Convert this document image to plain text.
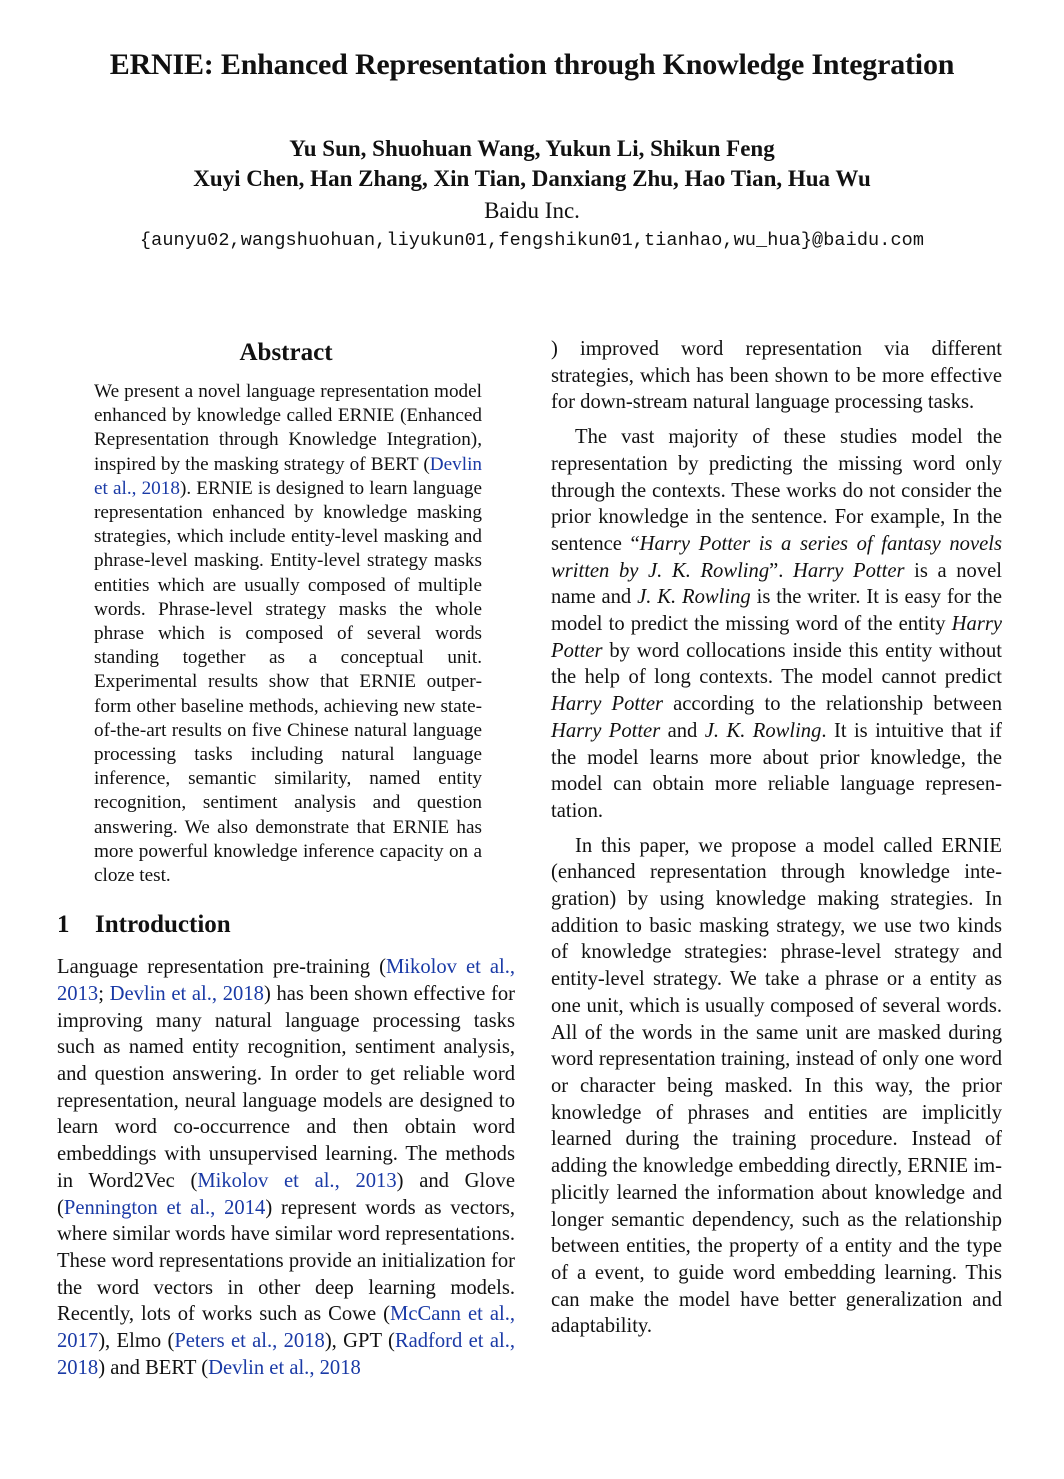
ERNIE: Enhanced Representation through Knowledge Integration
Yu Sun, Shuohuan Wang, Yukun Li, Shikun Feng
Xuyi Chen, Han Zhang, Xin Tian, Danxiang Zhu, Hao Tian, Hua Wu
Baidu Inc.
{aunyu02,wangshuohuan,liyukun01,fengshikun01,tianhao,wu_hua}@baidu.com
Abstract
We present a novel language representation model enhanced by knowledge called ERNIE (Enhanced Representation through Knowledge Integration), inspired by the masking strategy of BERT (Devlin et al., 2018). ERNIE is designed to learn language representation enhanced by knowledge masking strategies, which include entity-level masking and phrase-level masking. Entity-level strategy masks entities which are usually composed of multiple words. Phrase-level strategy masks the whole phrase which is composed of several words standing together as a conceptual unit. Experimental results show that ERNIE outperform other baseline methods, achieving new state-of-the-art results on five Chinese natural language processing tasks including natural language inference, semantic similarity, named entity recognition, sentiment analysis and question answering. We also demonstrate that ERNIE has more powerful knowledge inference capacity on a cloze test.
1 Introduction

Language representation pre-training (Mikolov et al., 2013; Devlin et al., 2018) has been shown effective for improving many natural language processing tasks such as named entity recognition, sentiment analysis, and question answering. In order to get reliable word representation, neural language models are designed to learn word co-occurrence and then obtain word embeddings with unsupervised learning. The methods in Word2Vec (Mikolov et al., 2013) and Glove (Pennington et al., 2014) represent words as vectors, where similar words have similar word representations. These word representations provide an initialization for the word vectors in other deep learning models. Recently, lots of works such as Cowe (McCann et al., 2017), Elmo (Peters et al., 2018), GPT (Radford et al., 2018) and BERT (Devlin et al., 2018

) improved word representation via different strategies, which has been shown to be more effective for down-stream natural language processing tasks.

The vast majority of these studies model the representation by predicting the missing word only through the contexts. These works do not consider the prior knowledge in the sentence. For example, In the sentence “Harry Potter is a series of fantasy novels written by J. K. Rowling”. Harry Potter is a novel name and J. K. Rowling is the writer. It is easy for the model to predict the missing word of the entity Harry Potter by word collocations inside this entity without the help of long contexts. The model cannot predict Harry Potter according to the relationship between Harry Potter and J. K. Rowling. It is intuitive that if the model learns more about prior knowledge, the model can obtain more reliable language representation.

In this paper, we propose a model called ERNIE (enhanced representation through knowledge integration) by using knowledge making strategies. In addition to basic masking strategy, we use two kinds of knowledge strategies: phrase-level strategy and entity-level strategy. We take a phrase or a entity as one unit, which is usually composed of several words. All of the words in the same unit are masked during word representation training, instead of only one word or character being masked. In this way, the prior knowledge of phrases and entities are implicitly learned during the training procedure. Instead of adding the knowledge embedding directly, ERNIE implicitly learned the information about knowledge and longer semantic dependency, such as the relationship between entities, the property of a entity and the type of a event, to guide word embedding learning. This can make the model have better generalization and adaptability.
